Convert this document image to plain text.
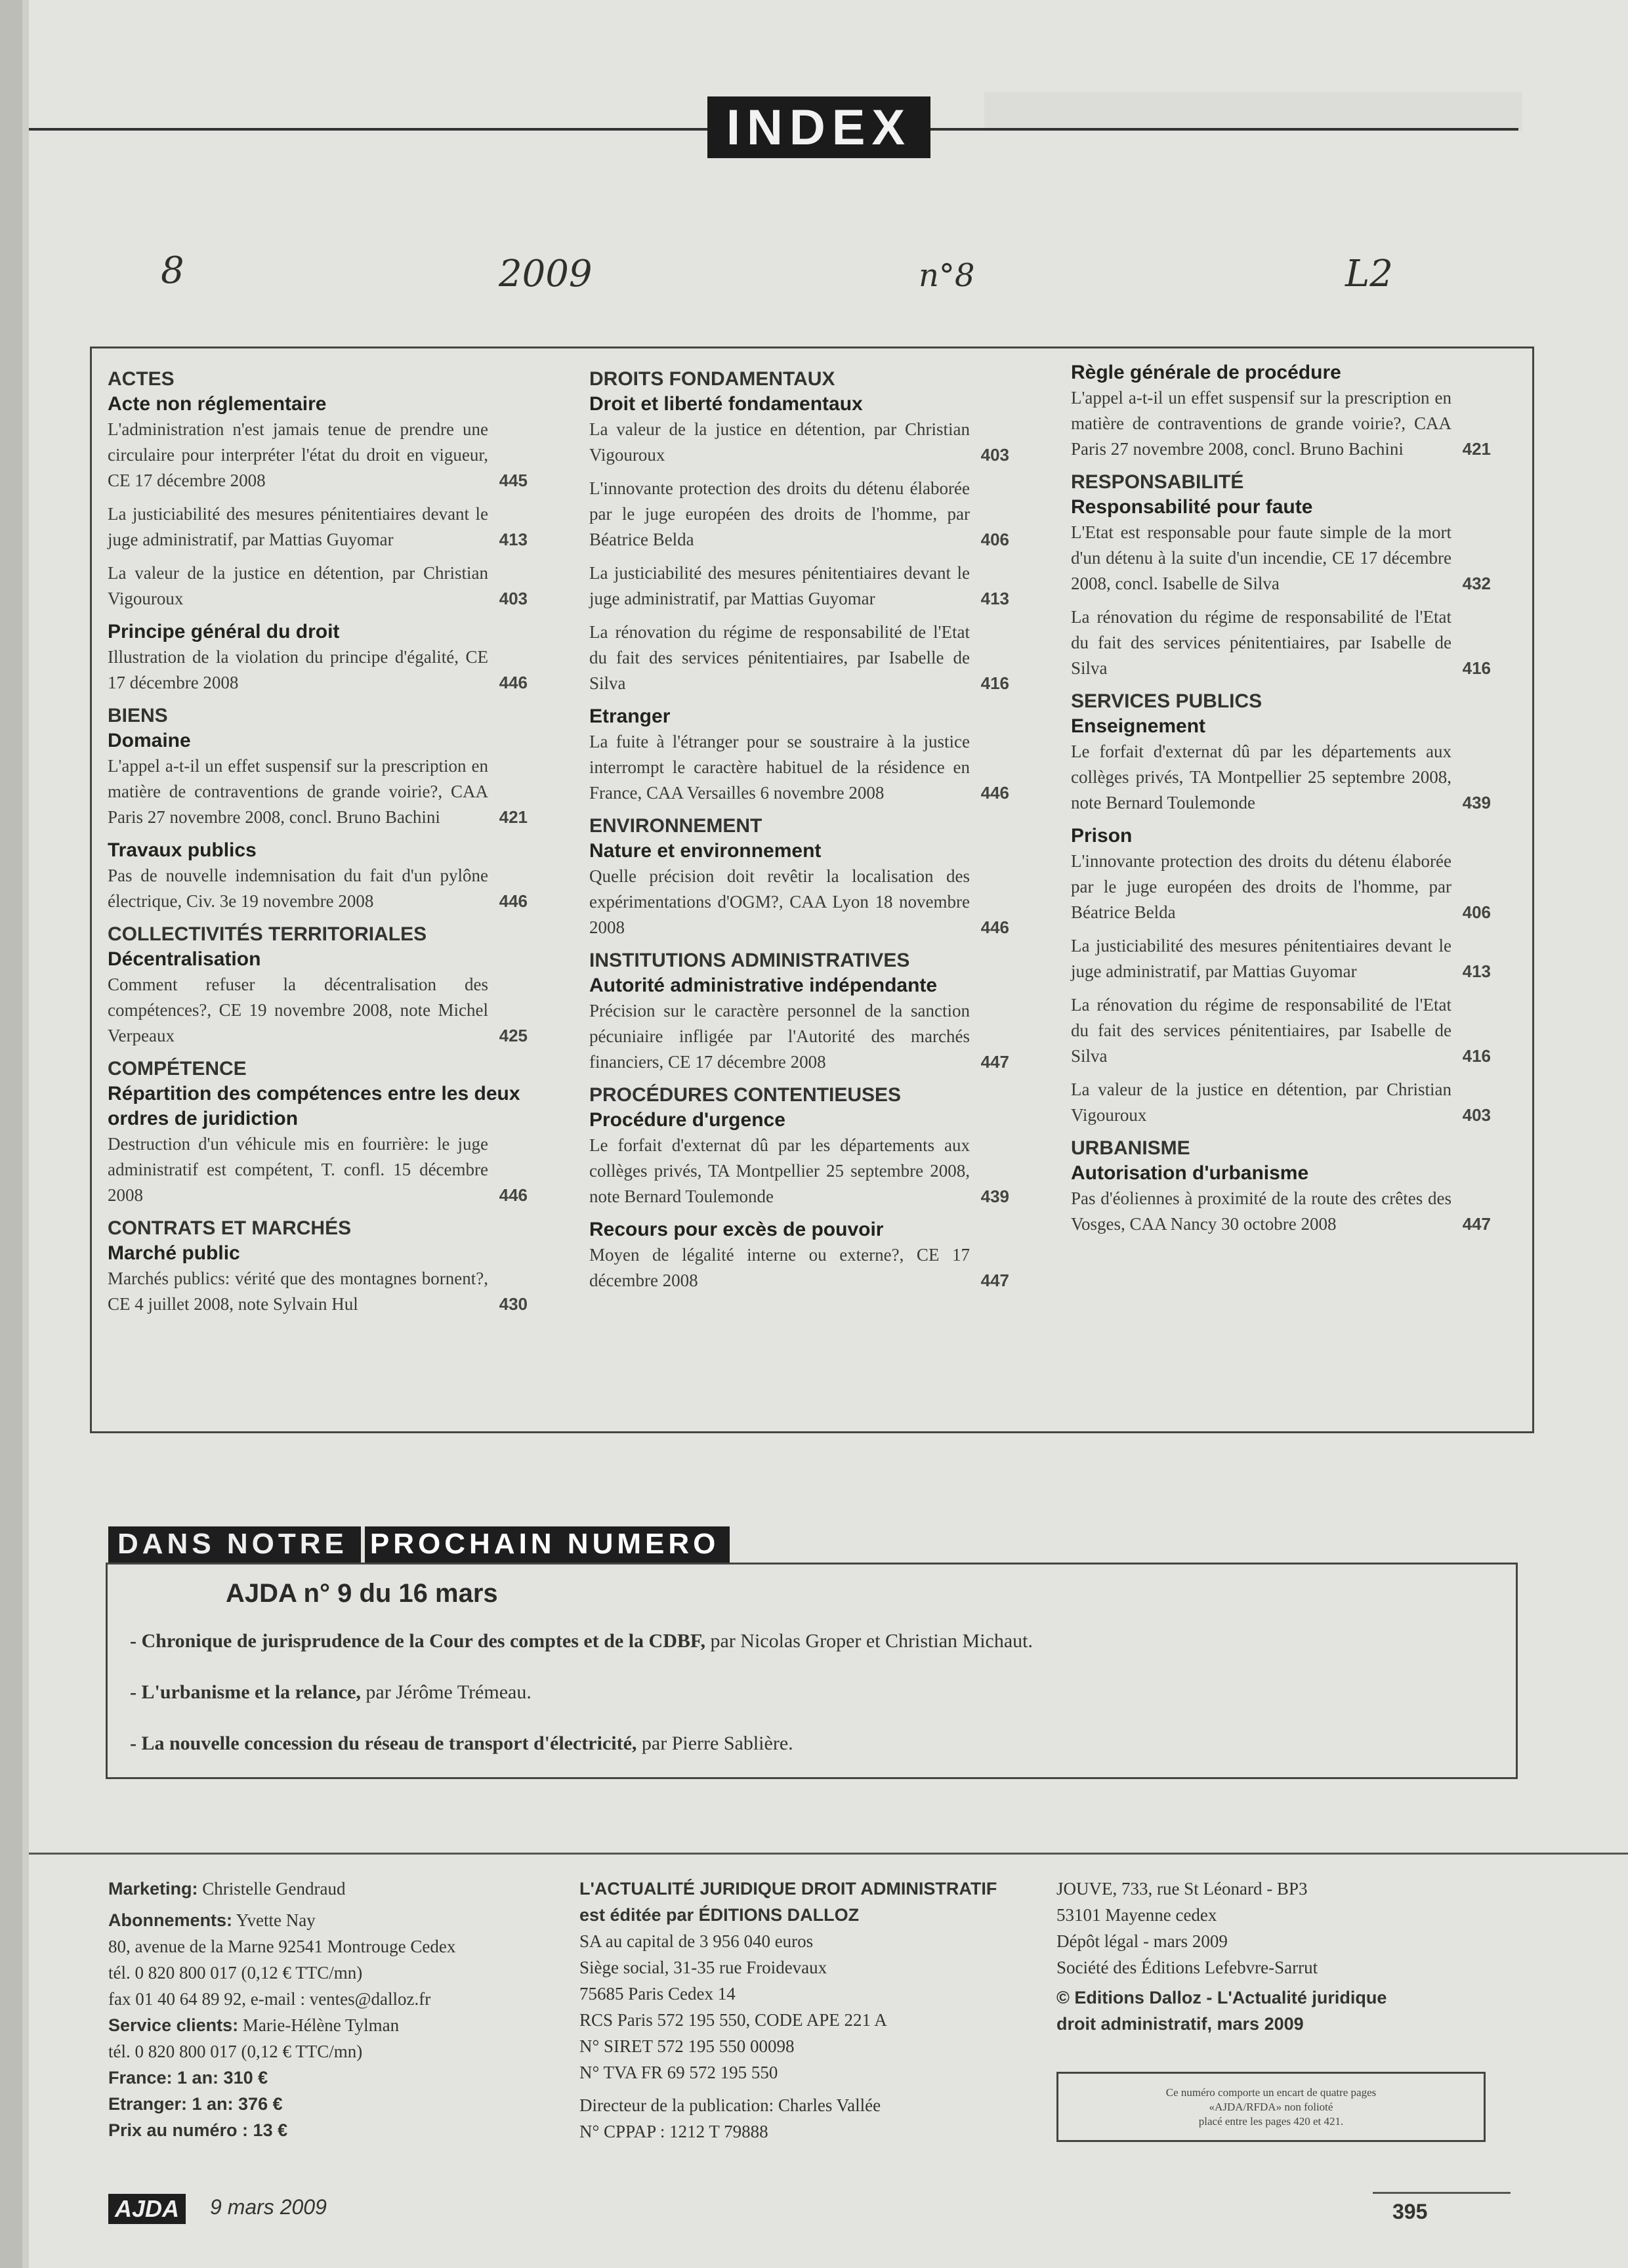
INDEX
8	2009	n°8	L2
ACTES
Acte non réglementaire
L'administration n'est jamais tenue de prendre une circulaire pour interpréter l'état du droit en vigueur, CE 17 décembre 2008	445
La justiciabilité des mesures pénitentiaires devant le juge administratif, par Mattias Guyomar	413
La valeur de la justice en détention, par Christian Vigouroux	403
Principe général du droit
Illustration de la violation du principe d'égalité, CE 17 décembre 2008	446
BIENS
Domaine
L'appel a-t-il un effet suspensif sur la prescription en matière de contraventions de grande voirie?, CAA Paris 27 novembre 2008, concl. Bruno Bachini	421
Travaux publics
Pas de nouvelle indemnisation du fait d'un pylône électrique, Civ. 3e 19 novembre 2008	446
COLLECTIVITÉS TERRITORIALES
Décentralisation
Comment refuser la décentralisation des compétences?, CE 19 novembre 2008, note Michel Verpeaux	425
COMPÉTENCE
Répartition des compétences entre les deux ordres de juridiction
Destruction d'un véhicule mis en fourrière: le juge administratif est compétent, T. confl. 15 décembre 2008	446
CONTRATS ET MARCHÉS
Marché public
Marchés publics: vérité que des montagnes bornent?, CE 4 juillet 2008, note Sylvain Hul	430
DROITS FONDAMENTAUX
Droit et liberté fondamentaux
La valeur de la justice en détention, par Christian Vigouroux	403
L'innovante protection des droits du détenu élaborée par le juge européen des droits de l'homme, par Béatrice Belda	406
La justiciabilité des mesures pénitentiaires devant le juge administratif, par Mattias Guyomar	413
La rénovation du régime de responsabilité de l'Etat du fait des services pénitentiaires, par Isabelle de Silva	416
Etranger
La fuite à l'étranger pour se soustraire à la justice interrompt le caractère habituel de la résidence en France, CAA Versailles 6 novembre 2008	446
ENVIRONNEMENT
Nature et environnement
Quelle précision doit revêtir la localisation des expérimentations d'OGM?, CAA Lyon 18 novembre 2008	446
INSTITUTIONS ADMINISTRATIVES
Autorité administrative indépendante
Précision sur le caractère personnel de la sanction pécuniaire infligée par l'Autorité des marchés financiers, CE 17 décembre 2008	447
PROCÉDURES CONTENTIEUSES
Procédure d'urgence
Le forfait d'externat dû par les départements aux collèges privés, TA Montpellier 25 septembre 2008, note Bernard Toulemonde	439
Recours pour excès de pouvoir
Moyen de légalité interne ou externe?, CE 17 décembre 2008	447
Règle générale de procédure
L'appel a-t-il un effet suspensif sur la prescription en matière de contraventions de grande voirie?, CAA Paris 27 novembre 2008, concl. Bruno Bachini	421
RESPONSABILITÉ
Responsabilité pour faute
L'Etat est responsable pour faute simple de la mort d'un détenu à la suite d'un incendie, CE 17 décembre 2008, concl. Isabelle de Silva	432
La rénovation du régime de responsabilité de l'Etat du fait des services pénitentiaires, par Isabelle de Silva	416
SERVICES PUBLICS
Enseignement
Le forfait d'externat dû par les départements aux collèges privés, TA Montpellier 25 septembre 2008, note Bernard Toulemonde	439
Prison
L'innovante protection des droits du détenu élaborée par le juge européen des droits de l'homme, par Béatrice Belda	406
La justiciabilité des mesures pénitentiaires devant le juge administratif, par Mattias Guyomar	413
La rénovation du régime de responsabilité de l'Etat du fait des services pénitentiaires, par Isabelle de Silva	416
La valeur de la justice en détention, par Christian Vigouroux	403
URBANISME
Autorisation d'urbanisme
Pas d'éoliennes à proximité de la route des crêtes des Vosges, CAA Nancy 30 octobre 2008	447
DANS NOTRE PROCHAIN NUMERO
AJDA n° 9 du 16 mars
- Chronique de jurisprudence de la Cour des comptes et de la CDBF, par Nicolas Groper et Christian Michaut.
- L'urbanisme et la relance, par Jérôme Trémeau.
- La nouvelle concession du réseau de transport d'électricité, par Pierre Sablière.
Marketing: Christelle Gendraud
Abonnements: Yvette Nay
80, avenue de la Marne 92541 Montrouge Cedex
tél. 0 820 800 017 (0,12 € TTC/mn)
fax 01 40 64 89 92, e-mail : ventes@dalloz.fr
Service clients: Marie-Hélène Tylman
tél. 0 820 800 017 (0,12 € TTC/mn)
France: 1 an: 310 €
Etranger: 1 an: 376 €
Prix au numéro : 13 €
L'ACTUALITÉ JURIDIQUE DROIT ADMINISTRATIF
est éditée par ÉDITIONS DALLOZ
SA au capital de 3 956 040 euros
Siège social, 31-35 rue Froidevaux
75685 Paris Cedex 14
RCS Paris 572 195 550, CODE APE 221 A
N° SIRET 572 195 550 00098
N° TVA FR 69 572 195 550
Directeur de la publication: Charles Vallée
N° CPPAP : 1212 T 79888
JOUVE, 733, rue St Léonard - BP3
53101 Mayenne cedex
Dépôt légal - mars 2009
Société des Éditions Lefebvre-Sarrut
© Editions Dalloz - L'Actualité juridique
droit administratif, mars 2009
Ce numéro comporte un encart de quatre pages
«AJDA/RFDA» non folioté
placé entre les pages 420 et 421.
AJDA	9 mars 2009	395
